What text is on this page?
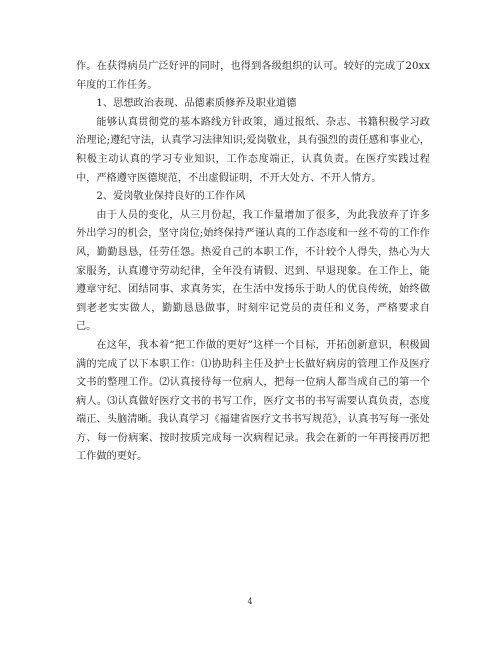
作。在获得病员广泛好评的同时，也得到各级组织的认可。较好的完成了20xx年度的工作任务。

1、思想政治表现、品德素质修养及职业道德

能够认真贯彻党的基本路线方针政策，通过报纸、杂志、书籍积极学习政治理论;遵纪守法，认真学习法律知识;爱岗敬业，具有强烈的责任感和事业心，积极主动认真的学习专业知识，工作态度端正，认真负责。在医疗实践过程中，严格遵守医德规范，不出虚假证明，不开大处方、不开人情方。

2、爱岗敬业保持良好的工作作风

由于人员的变化，从三月份起，我工作量增加了很多，为此我放弃了许多外出学习的机会，坚守岗位;始终保持严谨认真的工作态度和一丝不苟的工作作风，勤勤恳恳，任劳任怨。热爱自己的本职工作，不计较个人得失，热心为大家服务，认真遵守劳动纪律，全年没有请假、迟到、早退现象。在工作上，能遵章守纪、团结同事、求真务实，在生活中发扬乐于助人的优良传统，始终做到老老实实做人，勤勤恳恳做事，时刻牢记党员的责任和义务，严格要求自己。

在这年，我本着“把工作做的更好”这样一个目标，开拓创新意识，积极圆满的完成了以下本职工作：⑴协助科主任及护士长做好病房的管理工作及医疗文书的整理工作。⑵认真接待每一位病人，把每一位病人都当成自己的第一个病人。⑶认真做好医疗文书的书写工作，医疗文书的书写需要认真负责，态度端正、头脑清晰。我认真学习《福建省医疗文书书写规范》，认真书写每一张处方、每一份病案、按时按质完成每一次病程记录。我会在新的一年再接再厉把工作做的更好。

4
